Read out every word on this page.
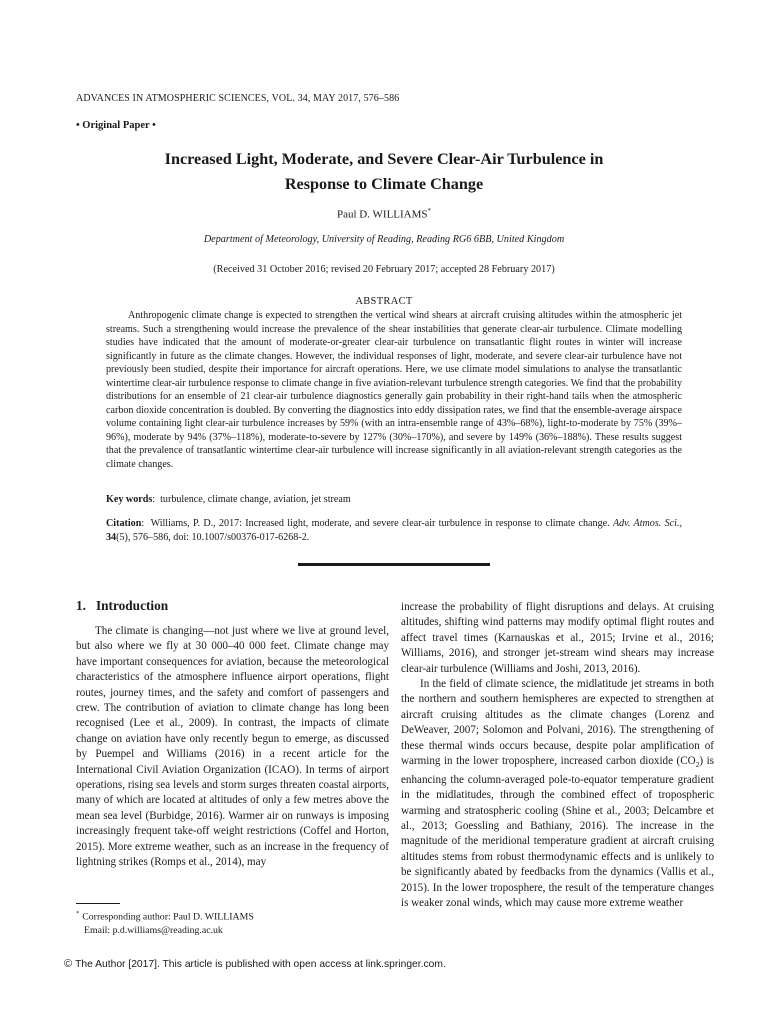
ADVANCES IN ATMOSPHERIC SCIENCES, VOL. 34, MAY 2017, 576–586
• Original Paper •
Increased Light, Moderate, and Severe Clear-Air Turbulence in
Response to Climate Change
Paul D. WILLIAMS*
Department of Meteorology, University of Reading, Reading RG6 6BB, United Kingdom
(Received 31 October 2016; revised 20 February 2017; accepted 28 February 2017)
ABSTRACT

Anthropogenic climate change is expected to strengthen the vertical wind shears at aircraft cruising altitudes within the atmospheric jet streams. Such a strengthening would increase the prevalence of the shear instabilities that generate clear-air turbulence. Climate modelling studies have indicated that the amount of moderate-or-greater clear-air turbulence on transatlantic flight routes in winter will increase significantly in future as the climate changes. However, the individual responses of light, moderate, and severe clear-air turbulence have not previously been studied, despite their importance for aircraft operations. Here, we use climate model simulations to analyse the transatlantic wintertime clear-air turbulence response to climate change in five aviation-relevant turbulence strength categories. We find that the probability distributions for an ensemble of 21 clear-air turbulence diagnostics generally gain probability in their right-hand tails when the atmospheric carbon dioxide concentration is doubled. By converting the diagnostics into eddy dissipation rates, we find that the ensemble-average airspace volume containing light clear-air turbulence increases by 59% (with an intra-ensemble range of 43%–68%), light-to-moderate by 75% (39%–96%), moderate by 94% (37%–118%), moderate-to-severe by 127% (30%–170%), and severe by 149% (36%–188%). These results suggest that the prevalence of transatlantic wintertime clear-air turbulence will increase significantly in all aviation-relevant strength categories as the climate changes.

Key words:  turbulence, climate change, aviation, jet stream
Citation:  Williams, P. D., 2017: Increased light, moderate, and severe clear-air turbulence in response to climate change. Adv. Atmos. Sci., 34(5), 576–586, doi: 10.1007/s00376-017-6268-2.
1. Introduction

The climate is changing—not just where we live at ground level, but also where we fly at 30 000–40 000 feet. Climate change may have important consequences for aviation, because the meteorological characteristics of the atmosphere influence airport operations, flight routes, journey times, and the safety and comfort of passengers and crew. The contribution of aviation to climate change has long been recognised (Lee et al., 2009). In contrast, the impacts of climate change on aviation have only recently begun to emerge, as discussed by Puempel and Williams (2016) in a recent article for the International Civil Aviation Organization (ICAO). In terms of airport operations, rising sea levels and storm surges threaten coastal airports, many of which are located at altitudes of only a few metres above the mean sea level (Burbidge, 2016). Warmer air on runways is imposing increasingly frequent take-off weight restrictions (Coffel and Horton, 2015). More extreme weather, such as an increase in the frequency of lightning strikes (Romps et al., 2014), may

increase the probability of flight disruptions and delays. At cruising altitudes, shifting wind patterns may modify optimal flight routes and affect travel times (Karnauskas et al., 2015; Irvine et al., 2016; Williams, 2016), and stronger jet-stream wind shears may increase clear-air turbulence (Williams and Joshi, 2013, 2016).

In the field of climate science, the midlatitude jet streams in both the northern and southern hemispheres are expected to strengthen at aircraft cruising altitudes as the climate changes (Lorenz and DeWeaver, 2007; Solomon and Polvani, 2016). The strengthening of these thermal winds occurs because, despite polar amplification of warming in the lower troposphere, increased carbon dioxide $(CO_2)$ is enhancing the column-averaged pole-to-equator temperature gradient in the midlatitudes, through the combined effect of tropospheric warming and stratospheric cooling (Shine et al., 2003; Delcambre et al., 2013; Goessling and Bathiany, 2016). The increase in the magnitude of the meridional temperature gradient at aircraft cruising altitudes stems from robust thermodynamic effects and is unlikely to be significantly abated by feedbacks from the dynamics (Vallis et al., 2015). In the lower troposphere, the result of the temperature changes is weaker zonal winds, which may cause more extreme weather

* Corresponding author: Paul D. WILLIAMS
Email: p.d.williams@reading.ac.uk
© The Author [2017]. This article is published with open access at link.springer.com.
